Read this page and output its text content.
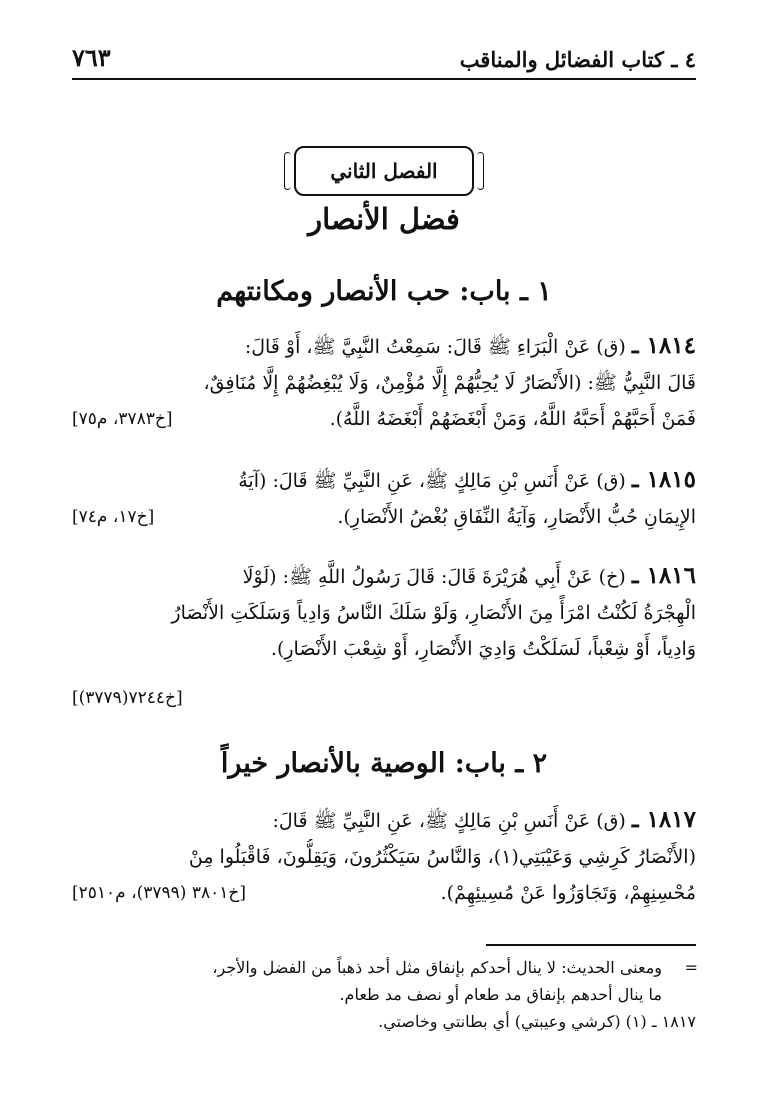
٤ ـ كتاب الفضائل والمناقب
٧٦٣
الفصل الثاني
فضل الأنصار
١ ـ باب: حب الأنصار ومكانتهم
١٨١٤ ـ (ق) عَنْ الْبَرَاءِ ﷺ قَالَ: سَمِعْتُ النَّبِيَّ ﷺ، أَوْ قَالَ:
قَالَ النَّبِيُّ ﷺ: (الأَنْصَارُ لَا يُحِبُّهُمْ إِلَّا مُؤْمِنٌ، وَلَا يُبْغِضُهُمْ إِلَّا مُنَافِقٌ،
فَمَنْ أَحَبَّهُمْ أَحَبَّهُ اللَّهُ، وَمَنْ أَبْغَضَهُمْ أَبْغَضَهُ اللَّهُ).
[خ٣٧٨٣، م٧٥]
١٨١٥ ـ (ق) عَنْ أَنَسِ بْنِ مَالِكٍ ﷺ، عَنِ النَّبِيِّ ﷺ قَالَ: (آيَةُ
الإِيمَانِ حُبُّ الأَنْصَارِ، وَآيَةُ النِّفَاقِ بُغْضُ الأَنْصَارِ).
[خ١٧، م٧٤]
١٨١٦ ـ (خ) عَنْ أَبِي هُرَيْرَةَ قَالَ: قَالَ رَسُولُ اللَّهِ ﷺ: (لَوْلَا
الْهِجْرَةُ لَكُنْتُ امْرَأً مِنَ الأَنْصَارِ، وَلَوْ سَلَكَ النَّاسُ وَادِياً وَسَلَكَتِ الأَنْصَارُ
وَادِياً، أَوْ شِعْباً، لَسَلَكْتُ وَادِيَ الأَنْصَارِ، أَوْ شِعْبَ الأَنْصَارِ).
[خ٧٢٤٤(٣٧٧٩)]
٢ ـ باب: الوصية بالأنصار خيراً
١٨١٧ ـ (ق) عَنْ أَنَسِ بْنِ مَالِكٍ ﷺ، عَنِ النَّبِيِّ ﷺ قَالَ:
(الأَنْصَارُ كَرِشِي وَعَيْبَتِي(١)، وَالنَّاسُ سَيَكْثُرُونَ، وَيَقِلُّونَ، فَاقْبَلُوا مِنْ
مُحْسِنِهِمْ، وَتَجَاوَزُوا عَنْ مُسِيئِهِمْ).
[خ٣٨٠١ (٣٧٩٩)، م٢٥١٠]
=
ومعنى الحديث: لا ينال أحدكم بإنفاق مثل أحد ذهباً من الفضل والأجر،
ما ينال أحدهم بإنفاق مد طعام أو نصف مد طعام.
١٨١٧ ـ (١) (كرشي وعيبتي) أي بطانتي وخاصتي.
